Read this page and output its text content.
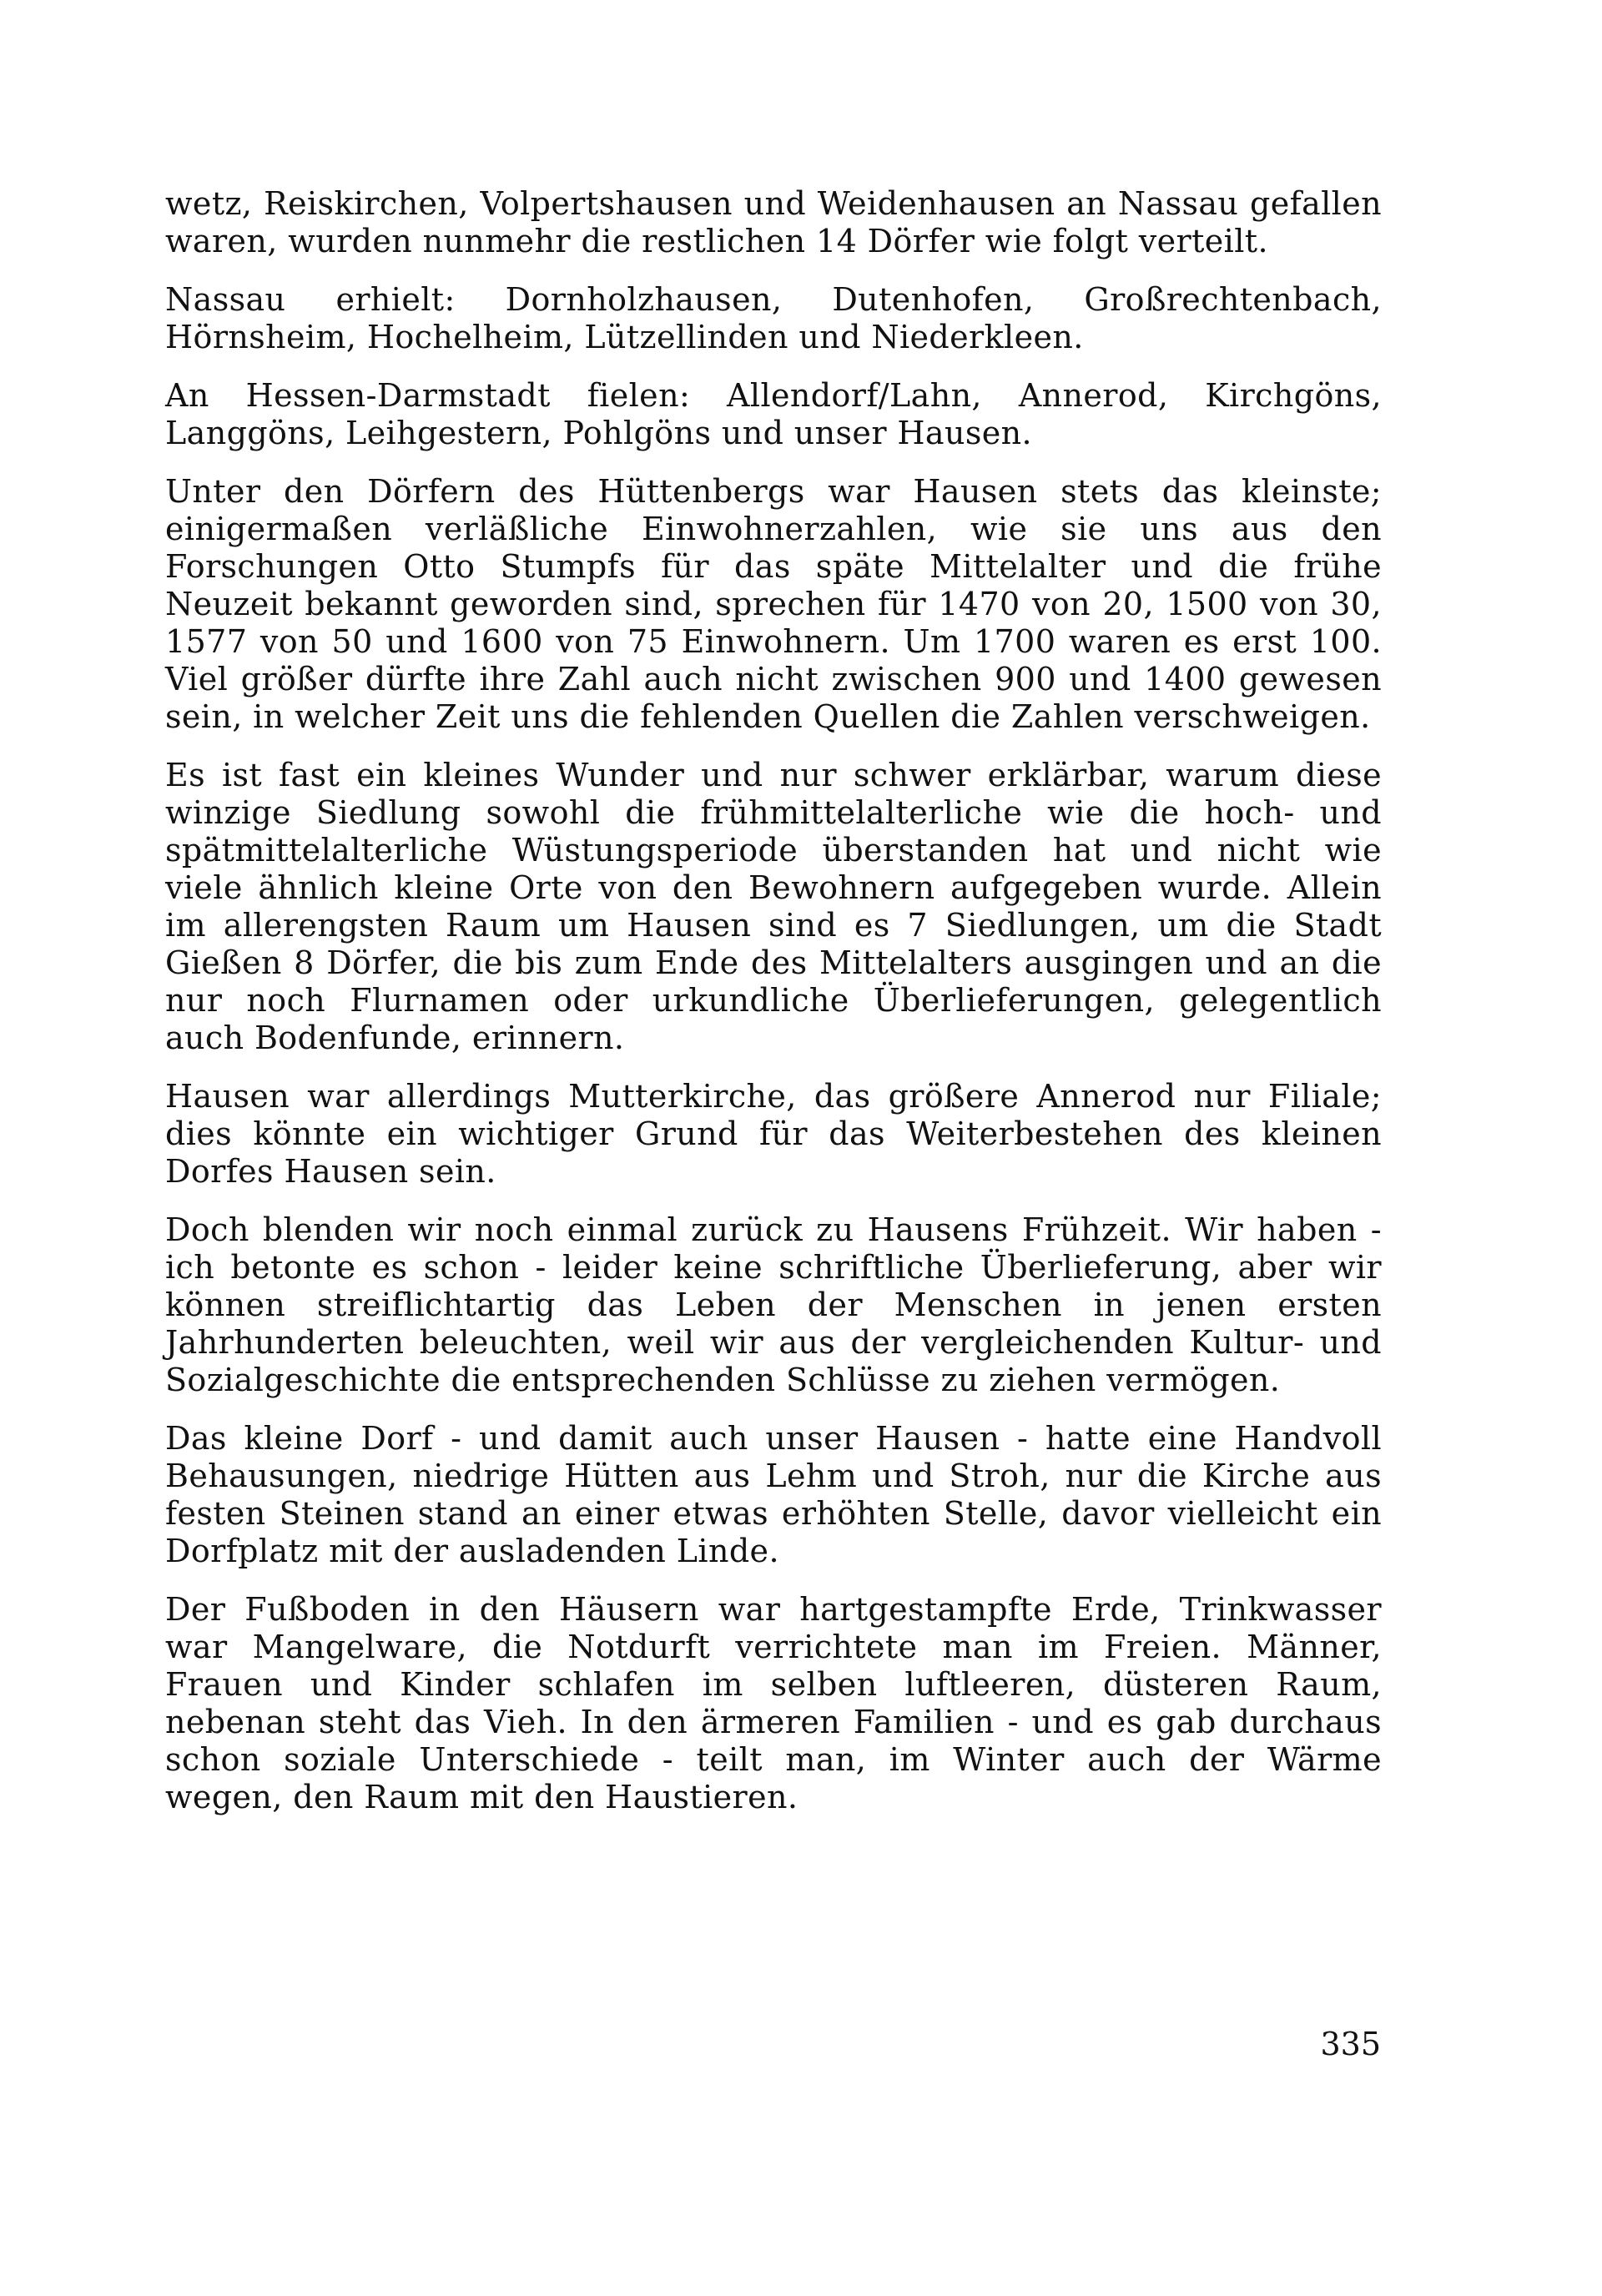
wetz, Reiskirchen, Volpertshausen und Weidenhausen an Nassau gefallen waren, wurden nunmehr die restlichen 14 Dörfer wie folgt verteilt.

Nassau erhielt: Dornholzhausen, Dutenhofen, Großrechtenbach, Hörnsheim, Hochelheim, Lützellinden und Niederkleen.

An Hessen-Darmstadt fielen: Allendorf/Lahn, Annerod, Kirchgöns, Langgöns, Leihgestern, Pohlgöns und unser Hausen.

Unter den Dörfern des Hüttenbergs war Hausen stets das kleinste; einigermaßen verläßliche Einwohnerzahlen, wie sie uns aus den Forschungen Otto Stumpfs für das späte Mittelalter und die frühe Neuzeit bekannt geworden sind, sprechen für 1470 von 20, 1500 von 30, 1577 von 50 und 1600 von 75 Einwohnern. Um 1700 waren es erst 100. Viel größer dürfte ihre Zahl auch nicht zwischen 900 und 1400 gewesen sein, in welcher Zeit uns die fehlenden Quellen die Zahlen verschweigen.

Es ist fast ein kleines Wunder und nur schwer erklärbar, warum diese winzige Siedlung sowohl die frühmittelalterliche wie die hoch- und spätmittelalterliche Wüstungsperiode überstanden hat und nicht wie viele ähnlich kleine Orte von den Bewohnern aufgegeben wurde. Allein im allerengsten Raum um Hausen sind es 7 Siedlungen, um die Stadt Gießen 8 Dörfer, die bis zum Ende des Mittelalters ausgingen und an die nur noch Flurnamen oder urkundliche Überlieferungen, gelegentlich auch Bodenfunde, erinnern.

Hausen war allerdings Mutterkirche, das größere Annerod nur Filiale; dies könnte ein wichtiger Grund für das Weiterbestehen des kleinen Dorfes Hausen sein.

Doch blenden wir noch einmal zurück zu Hausens Frühzeit. Wir haben - ich betonte es schon - leider keine schriftliche Überlieferung, aber wir können streiflichtartig das Leben der Menschen in jenen ersten Jahrhunderten beleuchten, weil wir aus der vergleichenden Kultur- und Sozialgeschichte die entsprechenden Schlüsse zu ziehen vermögen.

Das kleine Dorf - und damit auch unser Hausen - hatte eine Handvoll Behausungen, niedrige Hütten aus Lehm und Stroh, nur die Kirche aus festen Steinen stand an einer etwas erhöhten Stelle, davor vielleicht ein Dorfplatz mit der ausladenden Linde.

Der Fußboden in den Häusern war hartgestampfte Erde, Trinkwasser war Mangelware, die Notdurft verrichtete man im Freien. Männer, Frauen und Kinder schlafen im selben luftleeren, düsteren Raum, nebenan steht das Vieh. In den ärmeren Familien - und es gab durchaus schon soziale Unterschiede - teilt man, im Winter auch der Wärme wegen, den Raum mit den Haustieren.

335
